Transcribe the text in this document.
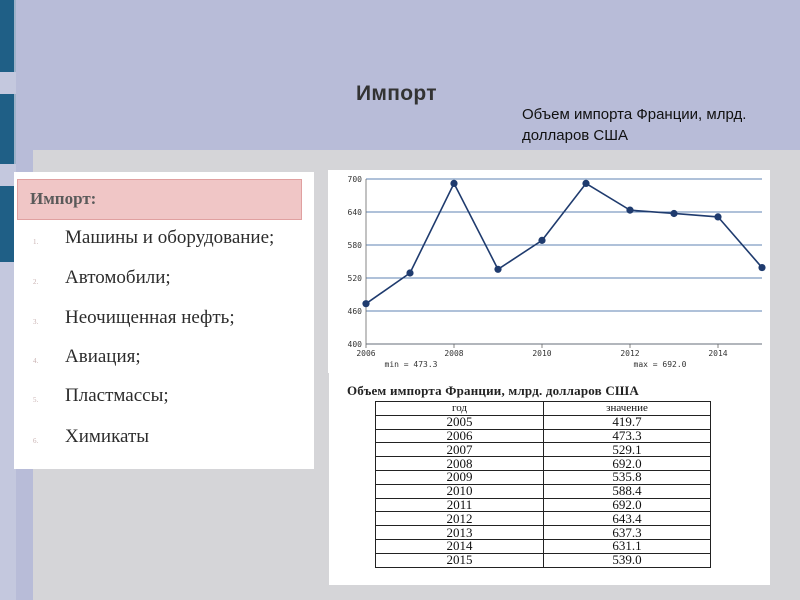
Импорт
Объем импорта Франции, млрд. долларов США
Импорт:
1. Машины и оборудование;
2. Автомобили;
3. Неочищенная нефть;
4. Авиация;
5. Пластмассы;
6. Химикаты
400
460
520
580
640
700
2006	2008	2010	2012	2014
min = 473.3	max = 692.0
Объем импорта Франции, млрд. долларов США
год	значение
2005	419.7
2006	473.3
2007	529.1
2008	692.0
2009	535.8
2010	588.4
2011	692.0
2012	643.4
2013	637.3
2014	631.1
2015	539.0
